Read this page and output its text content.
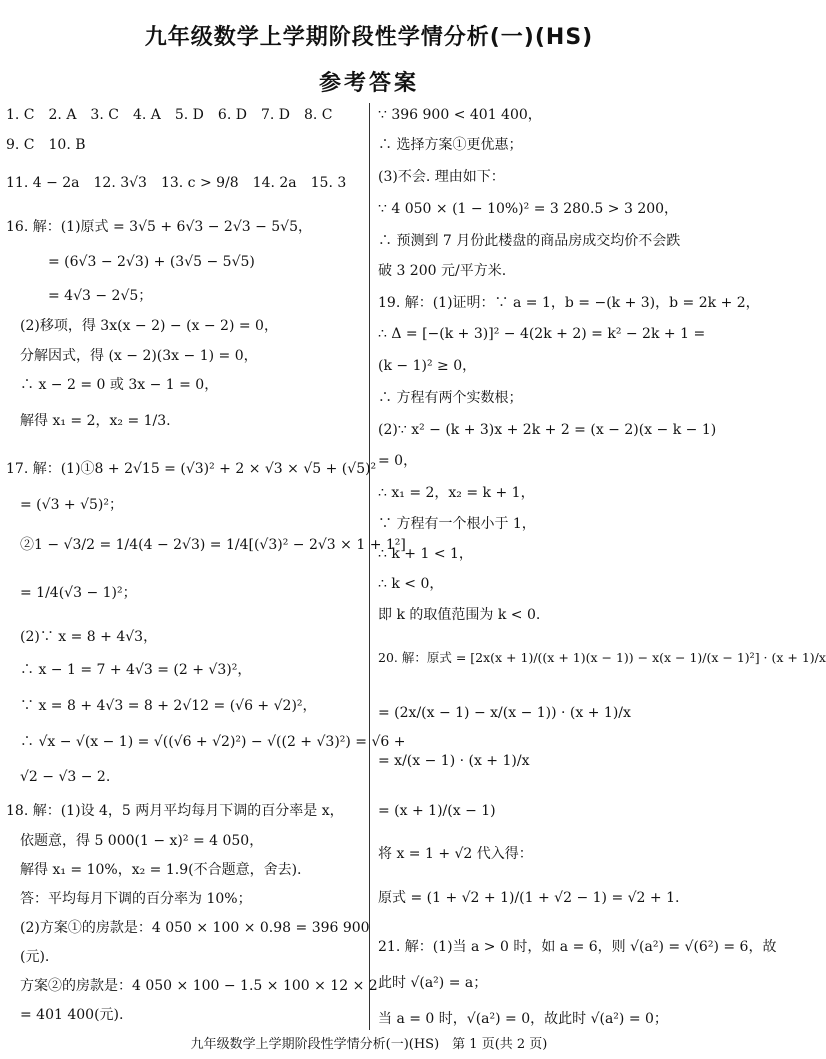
九年级数学上学期阶段性学情分析(一)(HS)
参考答案
1. C　2. A　3. C　4. A　5. D　6. D　7. D　8. C
9. C　10. B
11. 4 − 2a　12. 3√3　13. c > 9/8　14. 2a　15. 3
16. 解：(1)原式 = 3√5 + 6√3 − 2√3 − 5√5，
　　　= (6√3 − 2√3) + (3√5 − 5√5)
　　　= 4√3 − 2√5；
　(2)移项，得 3x(x − 2) − (x − 2) = 0，
　分解因式，得 (x − 2)(3x − 1) = 0，
　∴ x − 2 = 0 或 3x − 1 = 0，
　解得 x₁ = 2，x₂ = 1/3.
17. 解：(1)①8 + 2√15 = (√3)² + 2 × √3 × √5 + (√5)²
　= (√3 + √5)²；
　②1 − √3/2 = 1/4(4 − 2√3) = 1/4[(√3)² − 2√3 × 1 + 1²]
　= 1/4(√3 − 1)²；
　(2)∵ x = 8 + 4√3，
　∴ x − 1 = 7 + 4√3 = (2 + √3)²，
　∵ x = 8 + 4√3 = 8 + 2√12 = (√6 + √2)²，
　∴ √x − √(x − 1) = √((√6 + √2)²) − √((2 + √3)²) = √6 +
　√2 − √3 − 2.
18. 解：(1)设 4，5 两月平均每月下调的百分率是 x，
　依题意，得 5 000(1 − x)² = 4 050，
　解得 x₁ = 10%，x₂ = 1.9(不合题意，舍去).
　答：平均每月下调的百分率为 10%；
　(2)方案①的房款是：4 050 × 100 × 0.98 = 396 900
　(元).
　方案②的房款是：4 050 × 100 − 1.5 × 100 × 12 × 2
　= 401 400(元).
∵ 396 900 < 401 400，
∴ 选择方案①更优惠；
(3)不会. 理由如下：
∵ 4 050 × (1 − 10%)² = 3 280.5 > 3 200，
∴ 预测到 7 月份此楼盘的商品房成交均价不会跌
破 3 200 元/平方米.
19. 解：(1)证明：∵ a = 1，b = −(k + 3)，b = 2k + 2，
∴ Δ = [−(k + 3)]² − 4(2k + 2) = k² − 2k + 1 =
(k − 1)² ≥ 0，
∴ 方程有两个实数根；
(2)∵ x² − (k + 3)x + 2k + 2 = (x − 2)(x − k − 1)
= 0，
∴ x₁ = 2，x₂ = k + 1，
∵ 方程有一个根小于 1，
∴ k + 1 < 1，
∴ k < 0，
即 k 的取值范围为 k < 0.
20. 解：原式 = [2x(x + 1)/((x + 1)(x − 1)) − x(x − 1)/(x − 1)²] · (x + 1)/x
= (2x/(x − 1) − x/(x − 1)) · (x + 1)/x
= x/(x − 1) · (x + 1)/x
= (x + 1)/(x − 1)
将 x = 1 + √2 代入得：
原式 = (1 + √2 + 1)/(1 + √2 − 1) = √2 + 1.
21. 解：(1)当 a > 0 时，如 a = 6，则 √(a²) = √(6²) = 6，故
此时 √(a²) = a；
当 a = 0 时，√(a²) = 0，故此时 √(a²) = 0；
九年级数学上学期阶段性学情分析(一)(HS)　第 1 页(共 2 页)
